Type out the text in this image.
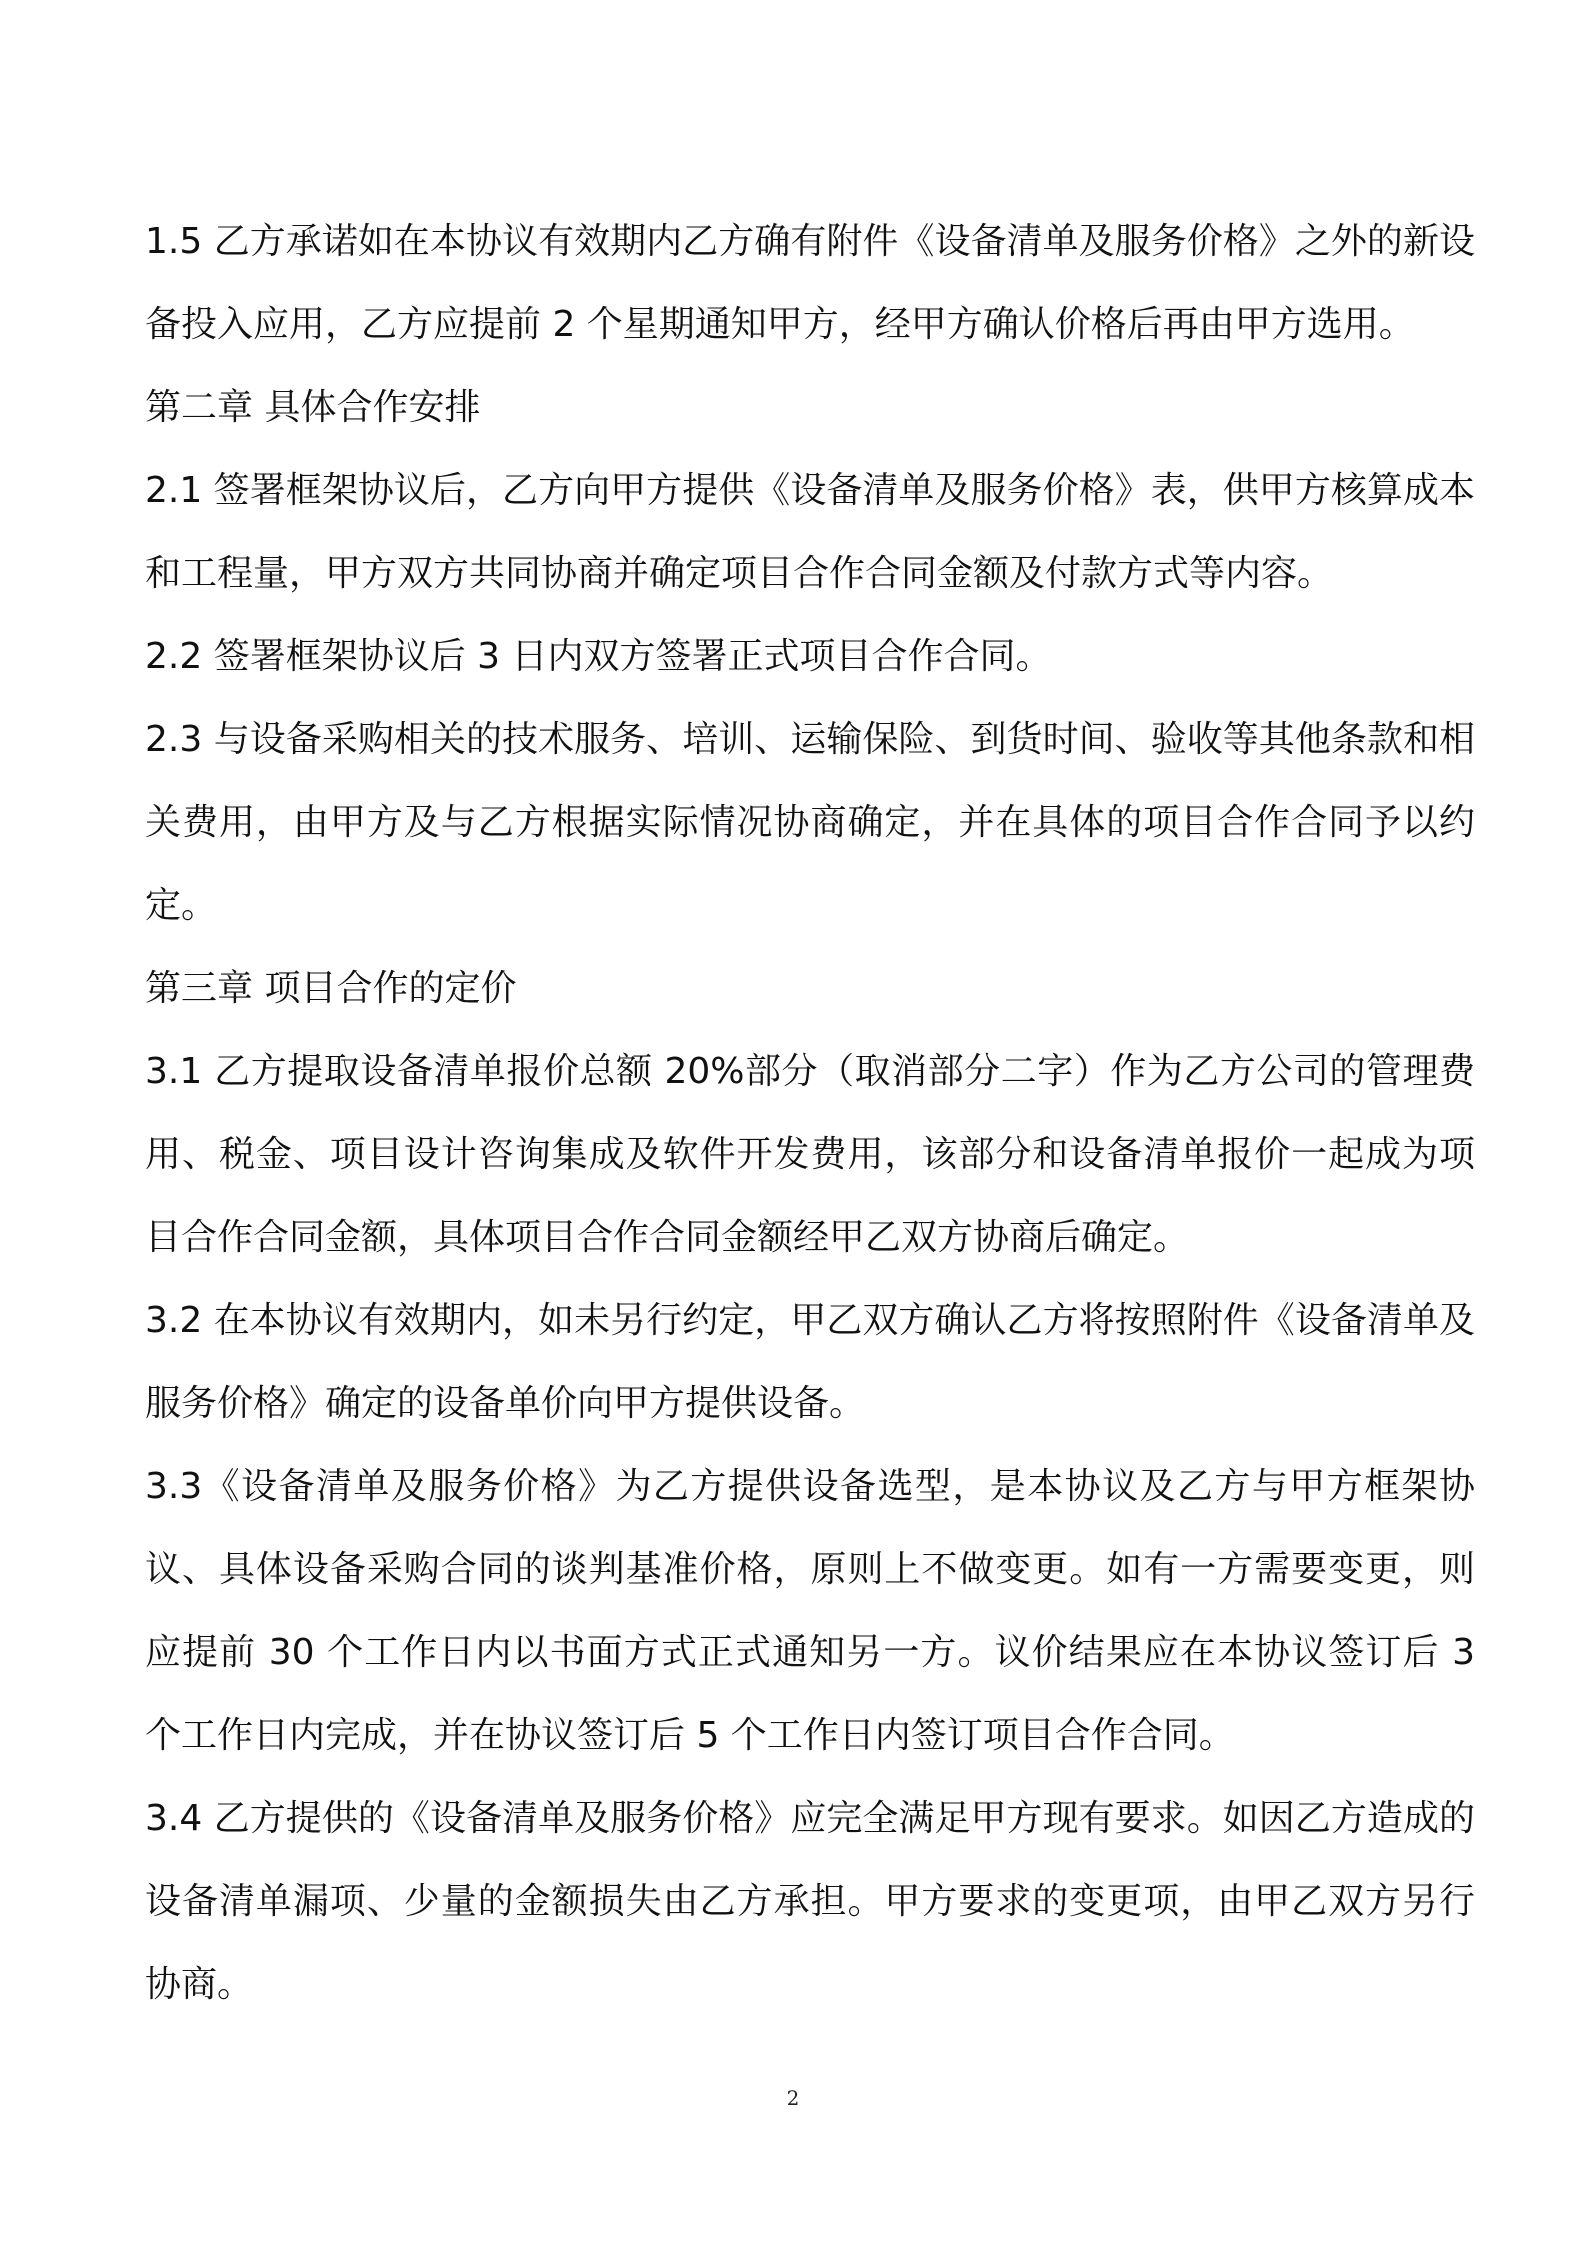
1.5 乙方承诺如在本协议有效期内乙方确有附件《设备清单及服务价格》之外的新设备投入应用，乙方应提前 2 个星期通知甲方，经甲方确认价格后再由甲方选用。

第二章 具体合作安排

2.1 签署框架协议后，乙方向甲方提供《设备清单及服务价格》表，供甲方核算成本和工程量，甲方双方共同协商并确定项目合作合同金额及付款方式等内容。

2.2 签署框架协议后 3 日内双方签署正式项目合作合同。

2.3 与设备采购相关的技术服务、培训、运输保险、到货时间、验收等其他条款和相关费用，由甲方及与乙方根据实际情况协商确定，并在具体的项目合作合同予以约定。

第三章 项目合作的定价

3.1 乙方提取设备清单报价总额 20%部分（取消部分二字）作为乙方公司的管理费用、税金、项目设计咨询集成及软件开发费用，该部分和设备清单报价一起成为项目合作合同金额，具体项目合作合同金额经甲乙双方协商后确定。

3.2 在本协议有效期内，如未另行约定，甲乙双方确认乙方将按照附件《设备清单及服务价格》确定的设备单价向甲方提供设备。

3.3《设备清单及服务价格》为乙方提供设备选型，是本协议及乙方与甲方框架协议、具体设备采购合同的谈判基准价格，原则上不做变更。如有一方需要变更，则应提前 30 个工作日内以书面方式正式通知另一方。议价结果应在本协议签订后 3 个工作日内完成，并在协议签订后 5 个工作日内签订项目合作合同。

3.4 乙方提供的《设备清单及服务价格》应完全满足甲方现有要求。如因乙方造成的设备清单漏项、少量的金额损失由乙方承担。甲方要求的变更项，由甲乙双方另行协商。

2
